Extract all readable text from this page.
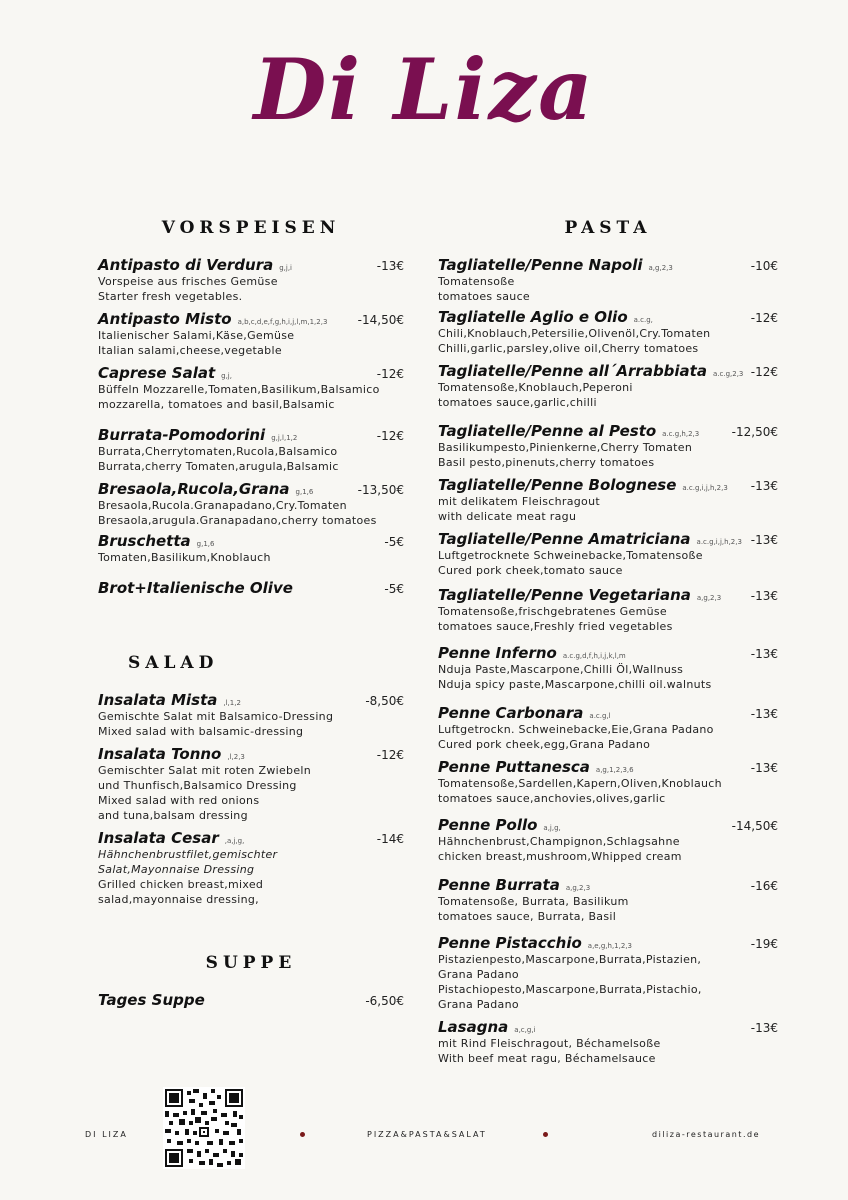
Di Liza
VORSPEISEN
Antipasto di Verdura g,j,i	-13€
Vorspeise aus frisches Gemüse
Starter fresh vegetables.
Antipasto Misto a,b,c,d,e,f,g,h,i,j,l,m,1,2,3	-14,50€
Italienischer Salami,Käse,Gemüse
Italian salami,cheese,vegetable
Caprese Salat g,j,	-12€
Büffeln Mozzarelle,Tomaten,Basilikum,Balsamico
mozzarella, tomatoes and basil,Balsamic
Burrata-Pomodorini g,j,l,1,2	-12€
Burrata,Cherrytomaten,Rucola,Balsamico
Burrata,cherry Tomaten,arugula,Balsamic
Bresaola,Rucola,Grana g,1,6	-13,50€
Bresaola,Rucola.Granapadano,Cry.Tomaten
Bresaola,arugula.Granapadano,cherry tomatoes
Bruschetta g,1,6	-5€
Tomaten,Basilikum,Knoblauch
Brot+Italienische Olive	-5€
SALAD
Insalata Mista ,l,1,2	-8,50€
Gemischte Salat mit Balsamico-Dressing
Mixed salad with balsamic-dressing
Insalata Tonno ,l,2,3	-12€
Gemischter Salat mit roten Zwiebeln
und Thunfisch,Balsamico Dressing
Mixed salad with red onions
and tuna,balsam dressing
Insalata Cesar ,a,j,g,	-14€
Hähnchenbrustfilet,gemischter
Salat,Mayonnaise Dressing
Grilled chicken breast,mixed
salad,mayonnaise dressing,
SUPPE
Tages Suppe	-6,50€
PASTA
Tagliatelle/Penne Napoli a,g,2,3	-10€
Tomatensoße
tomatoes sauce
Tagliatelle Aglio e Olio a.c.g,	-12€
Chili,Knoblauch,Petersilie,Olivenöl,Cry.Tomaten
Chilli,garlic,parsley,olive oil,Cherry tomatoes
Tagliatelle/Penne all´Arrabbiata a.c.g,2,3 -12€
Tomatensoße,Knoblauch,Peperoni
tomatoes sauce,garlic,chilli
Tagliatelle/Penne al Pesto a.c.g,h,2,3	-12,50€
Basilikumpesto,Pinienkerne,Cherry Tomaten
Basil pesto,pinenuts,cherry tomatoes
Tagliatelle/Penne Bolognese a.c.g,i,j,h,2,3 -13€
mit delikatem Fleischragout
with delicate meat ragu
Tagliatelle/Penne Amatriciana a.c.g,i,j,h,2,3 -13€
Luftgetrocknete Schweinebacke,Tomatensoße
Cured pork cheek,tomato sauce
Tagliatelle/Penne Vegetariana a,g,2,3 -13€
Tomatensoße,frischgebratenes Gemüse
tomatoes sauce,Freshly fried vegetables
Penne Inferno a.c.g,d,f,h,i,j,k,l,m	-13€
Nduja Paste,Mascarpone,Chilli Öl,Wallnuss
Nduja spicy paste,Mascarpone,chilli oil.walnuts
Penne Carbonara a.c.g,l	-13€
Luftgetrockn. Schweinebacke,Eie,Grana Padano
Cured pork cheek,egg,Grana Padano
Penne Puttanesca a,g,1,2,3,6	-13€
Tomatensoße,Sardellen,Kapern,Oliven,Knoblauch
tomatoes sauce,anchovies,olives,garlic
Penne Pollo a,j,g,	-14,50€
Hähnchenbrust,Champignon,Schlagsahne
chicken breast,mushroom,Whipped cream
Penne Burrata a,g,2,3	-16€
Tomatensoße, Burrata, Basilikum
tomatoes sauce, Burrata, Basil
Penne Pistacchio a,e,g,h,1,2,3	-19€
Pistazienpesto,Mascarpone,Burrata,Pistazien,
Grana Padano
Pistachiopesto,Mascarpone,Burrata,Pistachio,
Grana Padano
Lasagna a,c,g,i	-13€
mit Rind Fleischragout, Béchamelsoße
With beef meat ragu, Béchamelsauce
DI LIZA	PIZZA&PASTA&SALAT	diliza-restaurant.de
